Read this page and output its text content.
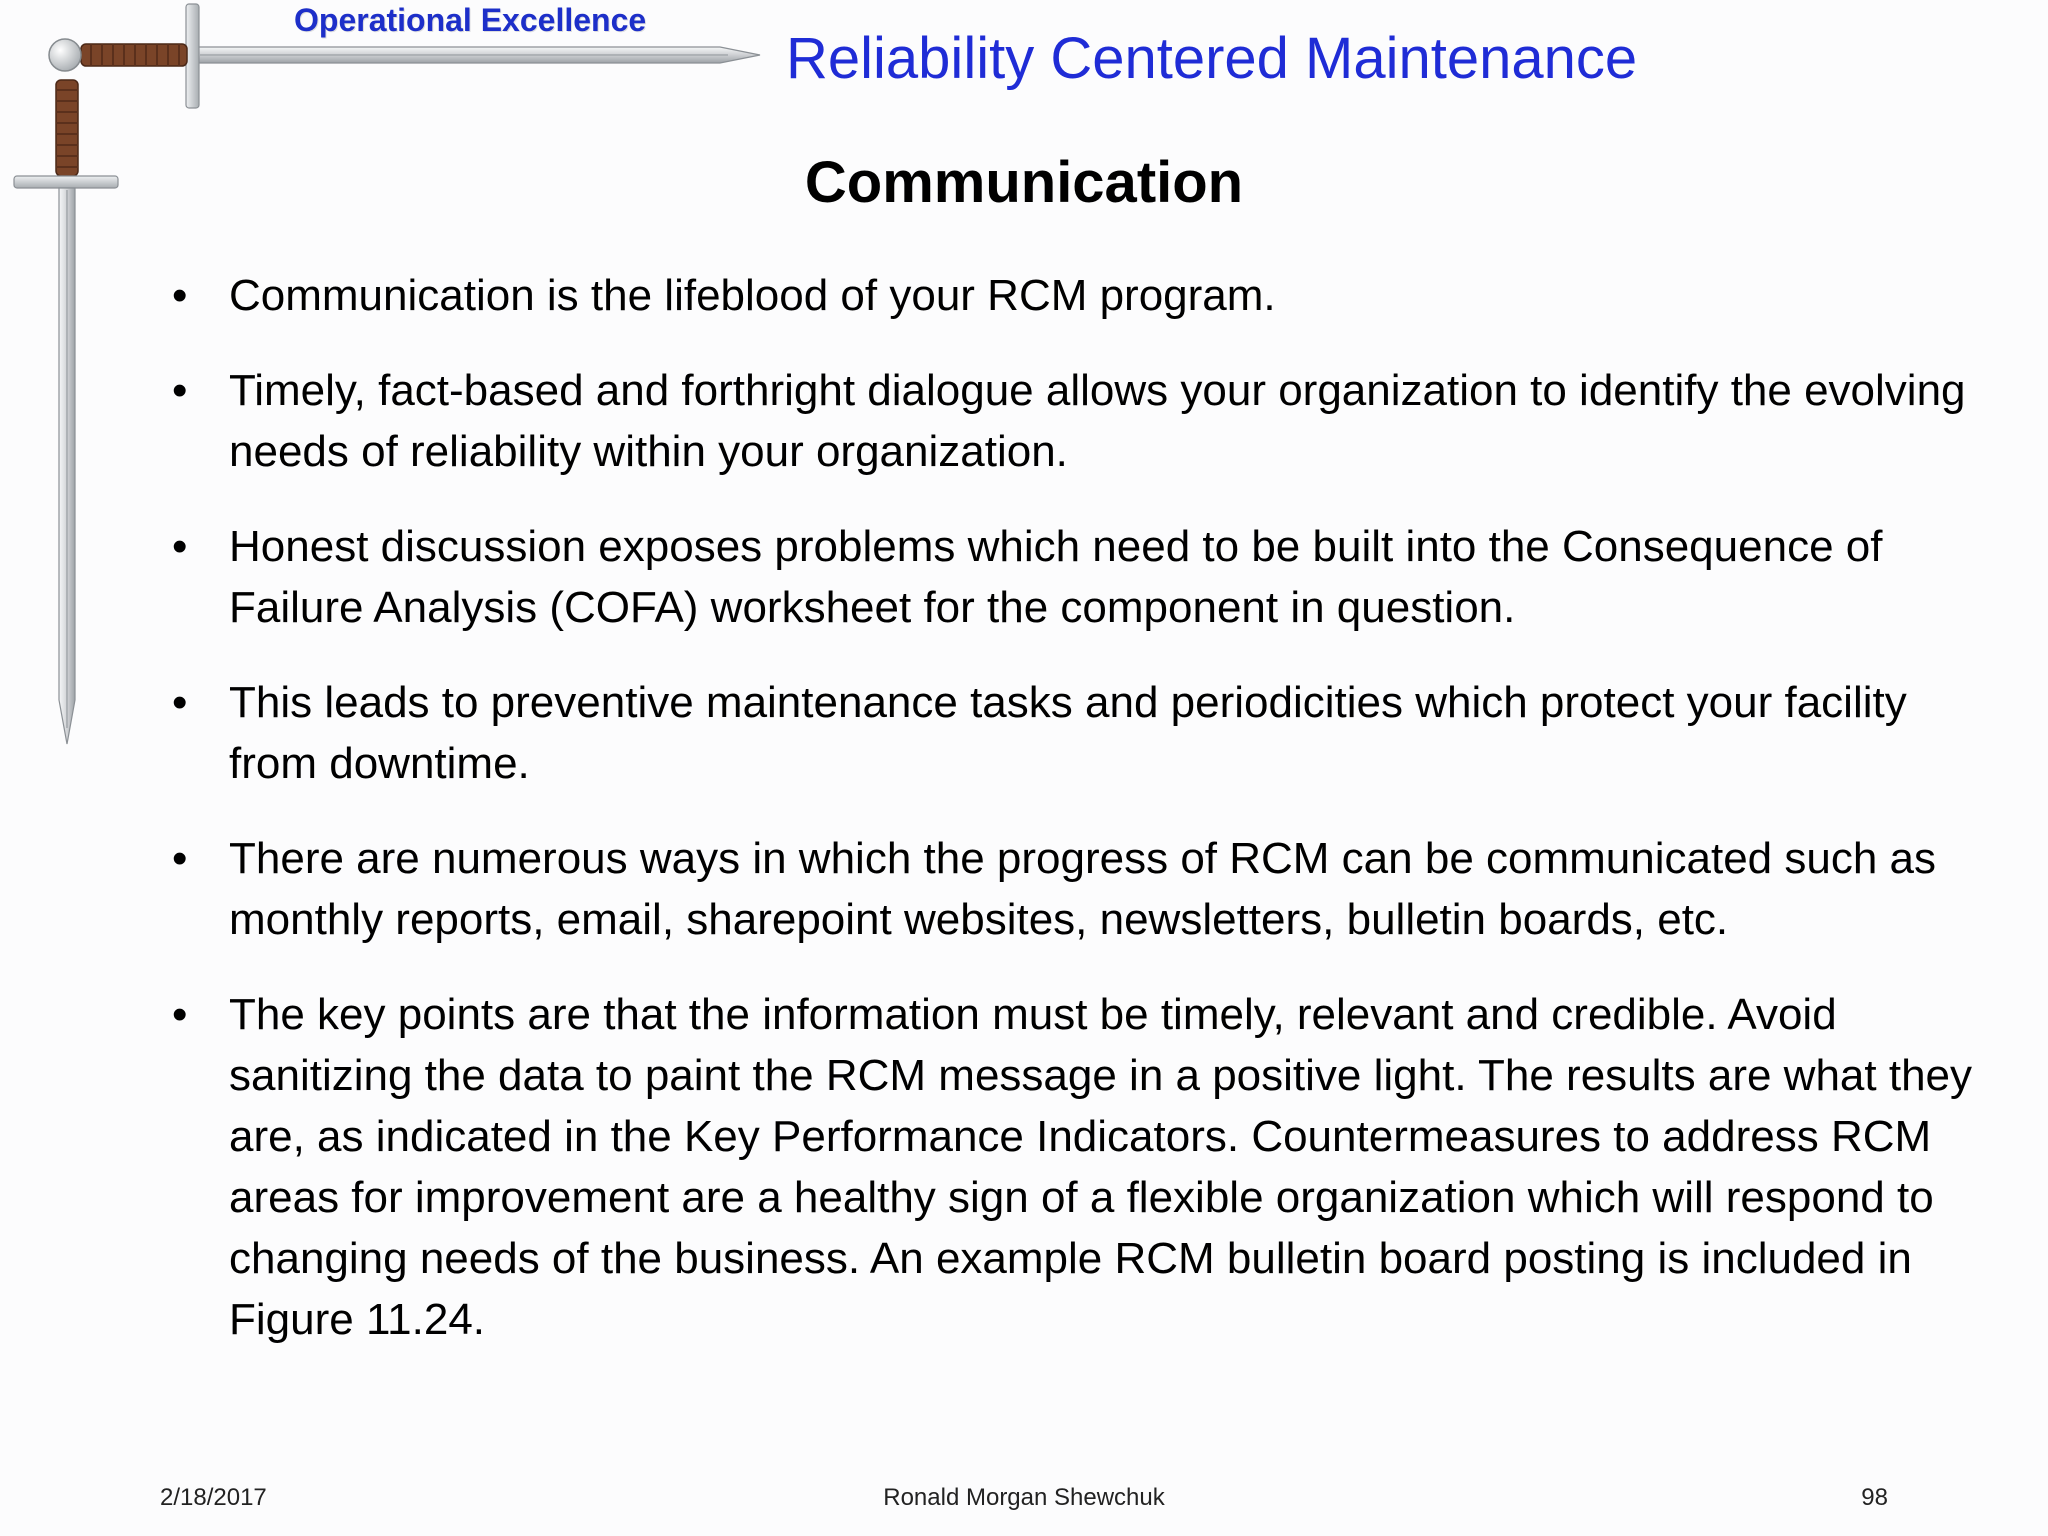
Operational Excellence
Reliability Centered Maintenance
Communication
• Communication is the lifeblood of your RCM program.
• Timely, fact-based and forthright dialogue allows your organization to identify the evolving needs of reliability within your organization.
• Honest discussion exposes problems which need to be built into the Consequence of Failure Analysis (COFA) worksheet for the component in question.
• This leads to preventive maintenance tasks and periodicities which protect your facility from downtime.
• There are numerous ways in which the progress of RCM can be communicated such as monthly reports, email, sharepoint websites, newsletters, bulletin boards, etc.
• The key points are that the information must be timely, relevant and credible. Avoid sanitizing the data to paint the RCM message in a positive light. The results are what they are, as indicated in the Key Performance Indicators. Countermeasures to address RCM areas for improvement are a healthy sign of a flexible organization which will respond to changing needs of the business. An example RCM bulletin board posting is included in Figure 11.24.
2/18/2017	Ronald Morgan Shewchuk	98
